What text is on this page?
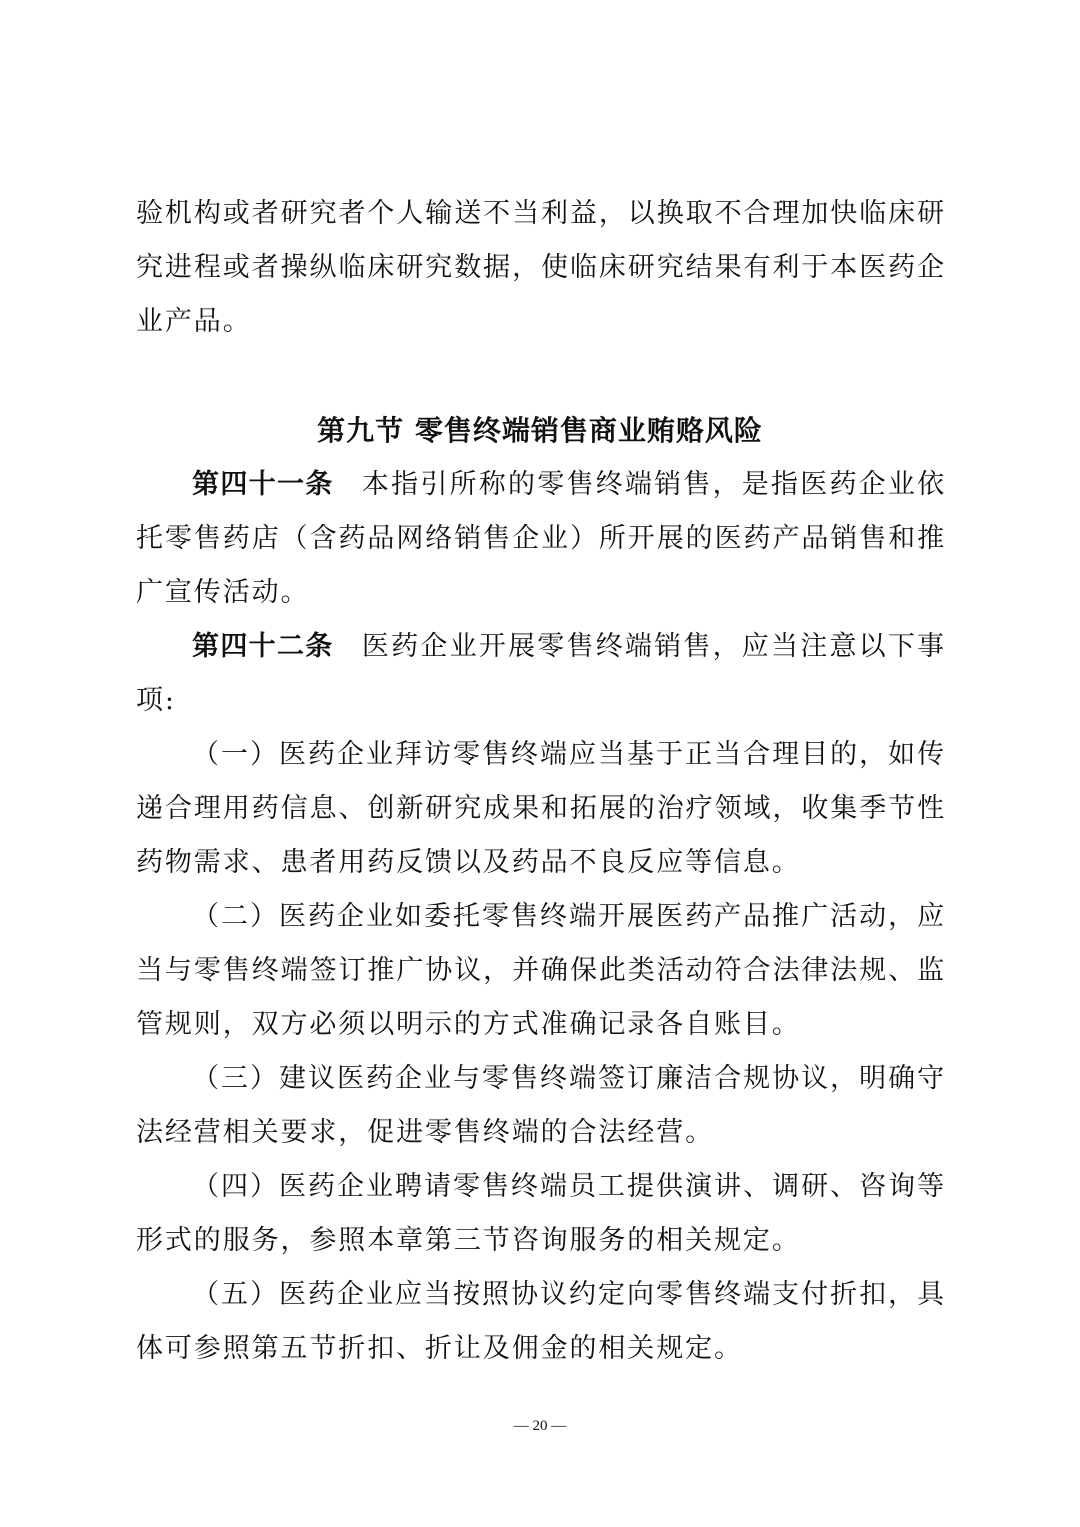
验机构或者研究者个人输送不当利益，以换取不合理加快临床研究进程或者操纵临床研究数据，使临床研究结果有利于本医药企业产品。

第九节 零售终端销售商业贿赂风险

第四十一条 本指引所称的零售终端销售，是指医药企业依托零售药店（含药品网络销售企业）所开展的医药产品销售和推广宣传活动。

第四十二条 医药企业开展零售终端销售，应当注意以下事项:

（一）医药企业拜访零售终端应当基于正当合理目的，如传递合理用药信息、创新研究成果和拓展的治疗领域，收集季节性药物需求、患者用药反馈以及药品不良反应等信息。

（二）医药企业如委托零售终端开展医药产品推广活动，应当与零售终端签订推广协议，并确保此类活动符合法律法规、监管规则，双方必须以明示的方式准确记录各自账目。

（三）建议医药企业与零售终端签订廉洁合规协议，明确守法经营相关要求，促进零售终端的合法经营。

（四）医药企业聘请零售终端员工提供演讲、调研、咨询等形式的服务，参照本章第三节咨询服务的相关规定。

（五）医药企业应当按照协议约定向零售终端支付折扣，具体可参照第五节折扣、折让及佣金的相关规定。

— 20 —
